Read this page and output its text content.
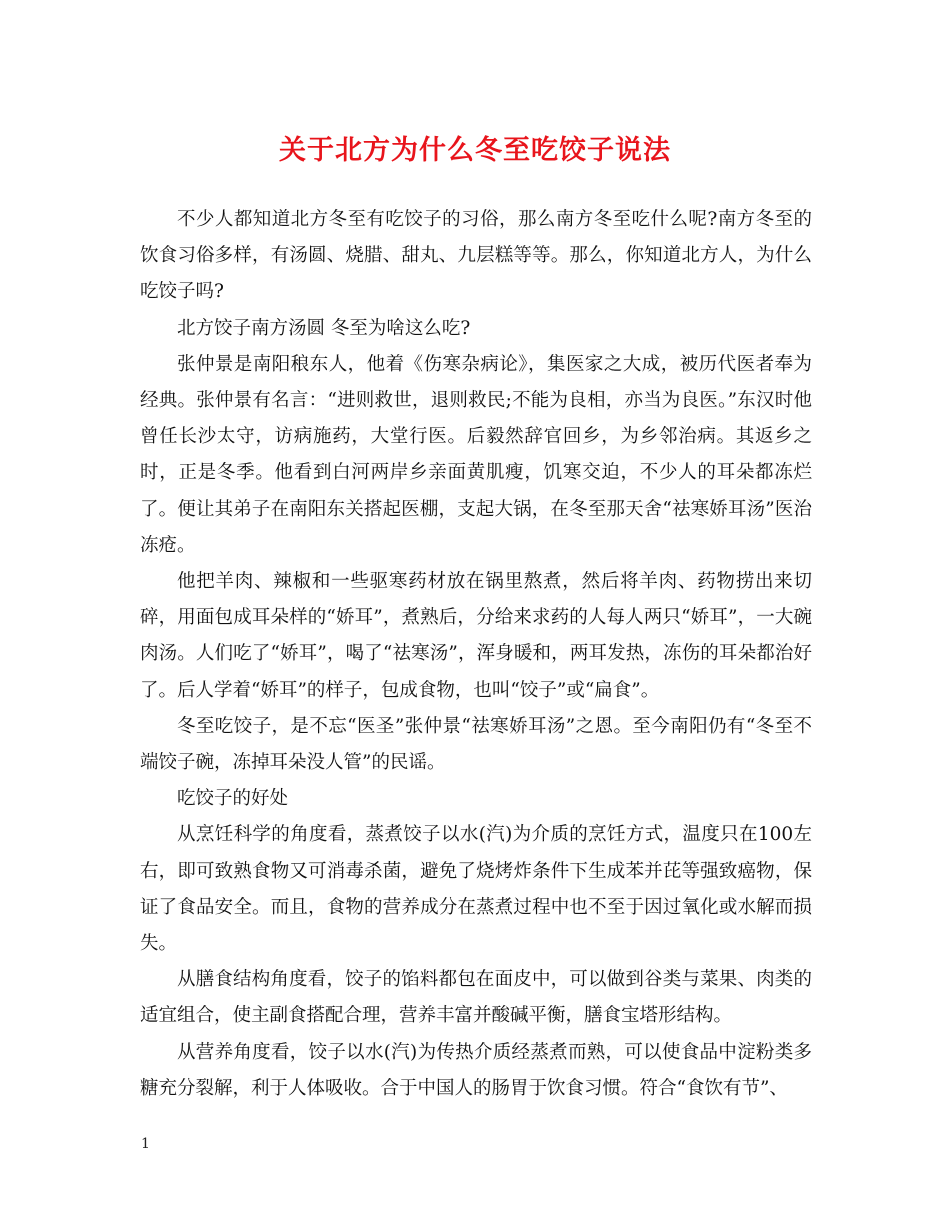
关于北方为什么冬至吃饺子说法

不少人都知道北方冬至有吃饺子的习俗，那么南方冬至吃什么呢?南方冬至的饮食习俗多样，有汤圆、烧腊、甜丸、九层糕等等。那么，你知道北方人，为什么吃饺子吗?

北方饺子南方汤圆 冬至为啥这么吃?

张仲景是南阳稂东人，他着《伤寒杂病论》，集医家之大成，被历代医者奉为经典。张仲景有名言：“进则救世，退则救民;不能为良相，亦当为良医。”东汉时他曾任长沙太守，访病施药，大堂行医。后毅然辞官回乡，为乡邻治病。其返乡之时，正是冬季。他看到白河两岸乡亲面黄肌瘦，饥寒交迫，不少人的耳朵都冻烂了。便让其弟子在南阳东关搭起医棚，支起大锅，在冬至那天舍“祛寒娇耳汤”医治冻疮。

他把羊肉、辣椒和一些驱寒药材放在锅里熬煮，然后将羊肉、药物捞出来切碎，用面包成耳朵样的“娇耳”，煮熟后，分给来求药的人每人两只“娇耳”，一大碗肉汤。人们吃了“娇耳”，喝了“祛寒汤”，浑身暖和，两耳发热，冻伤的耳朵都治好了。后人学着“娇耳”的样子，包成食物，也叫“饺子”或“扁食”。

冬至吃饺子，是不忘“医圣”张仲景“祛寒娇耳汤”之恩。至今南阳仍有“冬至不端饺子碗，冻掉耳朵没人管”的民谣。

吃饺子的好处

从烹饪科学的角度看，蒸煮饺子以水(汽)为介质的烹饪方式，温度只在100左右，即可致熟食物又可消毒杀菌，避免了烧烤炸条件下生成苯并芘等强致癌物，保证了食品安全。而且，食物的营养成分在蒸煮过程中也不至于因过氧化或水解而损失。

从膳食结构角度看，饺子的馅料都包在面皮中，可以做到谷类与菜果、肉类的适宜组合，使主副食搭配合理，营养丰富并酸碱平衡，膳食宝塔形结构。

从营养角度看，饺子以水(汽)为传热介质经蒸煮而熟，可以使食品中淀粉类多糖充分裂解，利于人体吸收。合于中国人的肠胃于饮食习惯。符合“食饮有节”、

1
